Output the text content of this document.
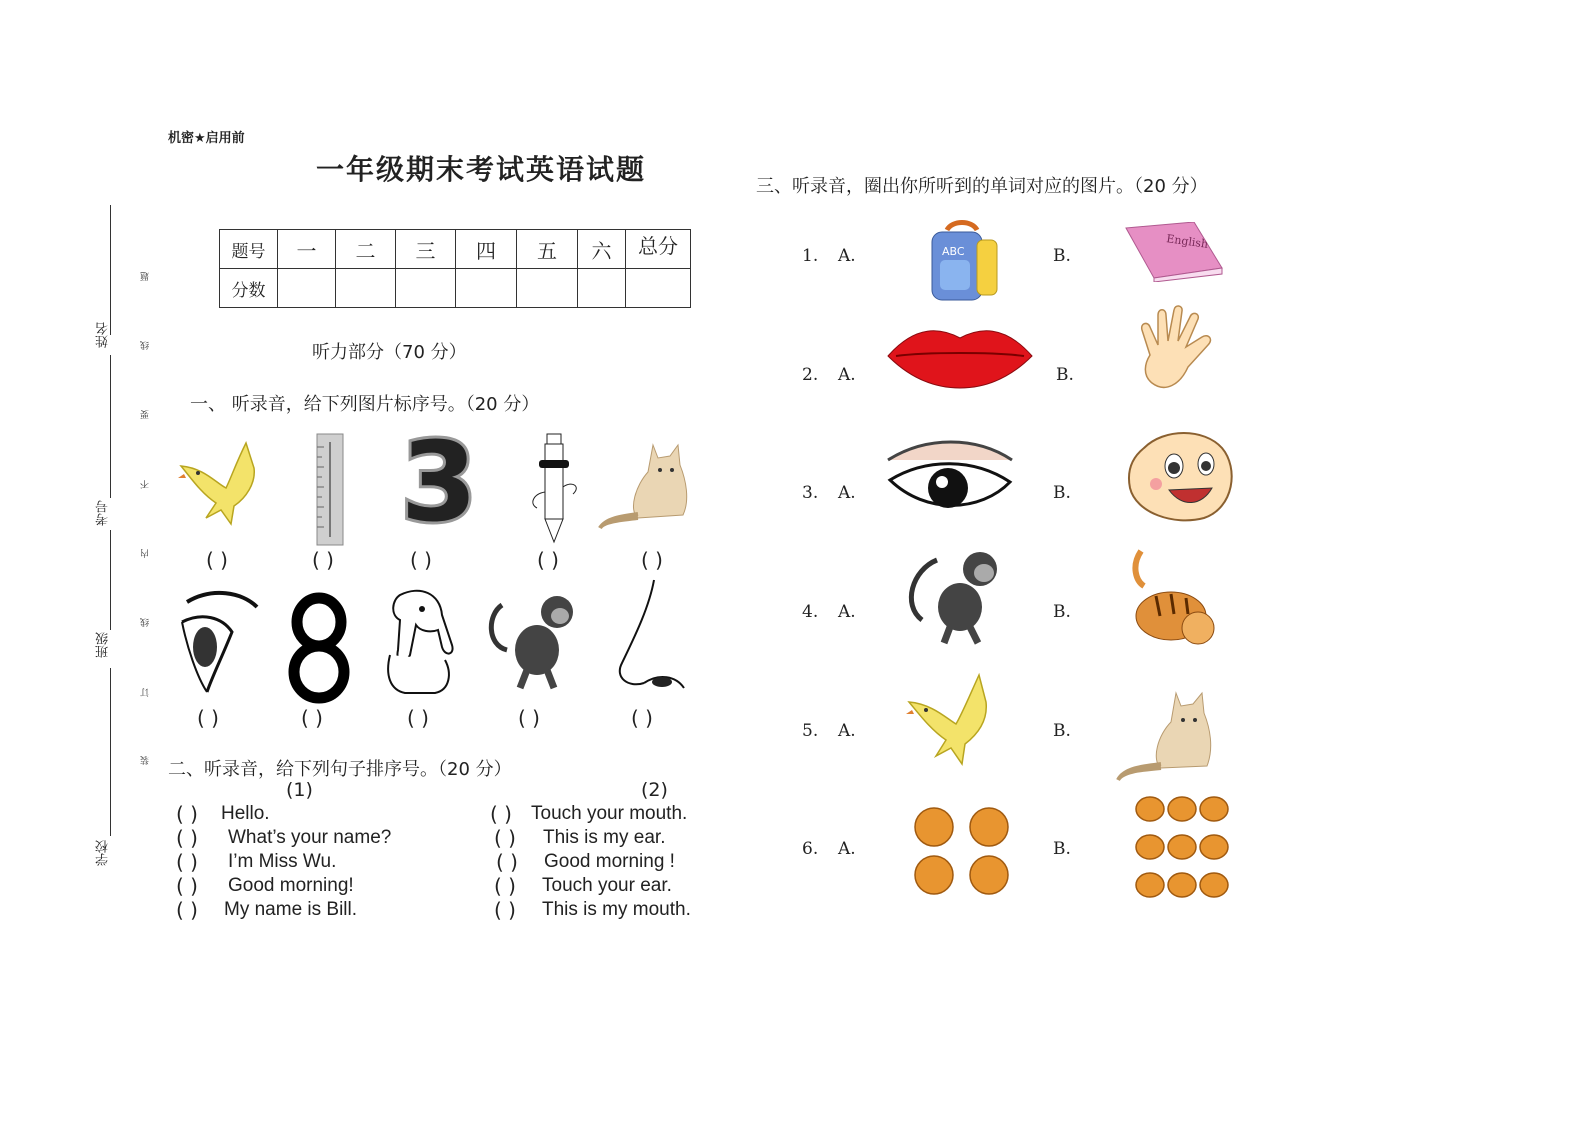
机密★启用前
一年级期末考试英语试题
姓名
考号
班级
学校
题
线
要
不
内
线
订
装
题号	一	二	三	四	五	六	总分
分数							
听力部分（70 分）
一、 听录音，给下列图片标序号。（20 分）
3
( )	( )	( )	( )	( )
( )	( )	( )	( )	( )
二、听录音，给下列句子排序号。（20 分）
(1)	(2)
( ) Hello.
( ) What’s your name?
( ) I’m Miss Wu.
( ) Good morning!
( ) My name is Bill.
( ) Touch your mouth.
( ) This is my ear.
( ) Good morning !
( ) Touch your ear.
( ) This is my mouth.
三、听录音，圈出你所听到的单词对应的图片。（20 分）
1. A.	B.
ABC
English
2. A.	B.
3. A.	B.
4. A.	B.
5. A.	B.
6. A.	B.
